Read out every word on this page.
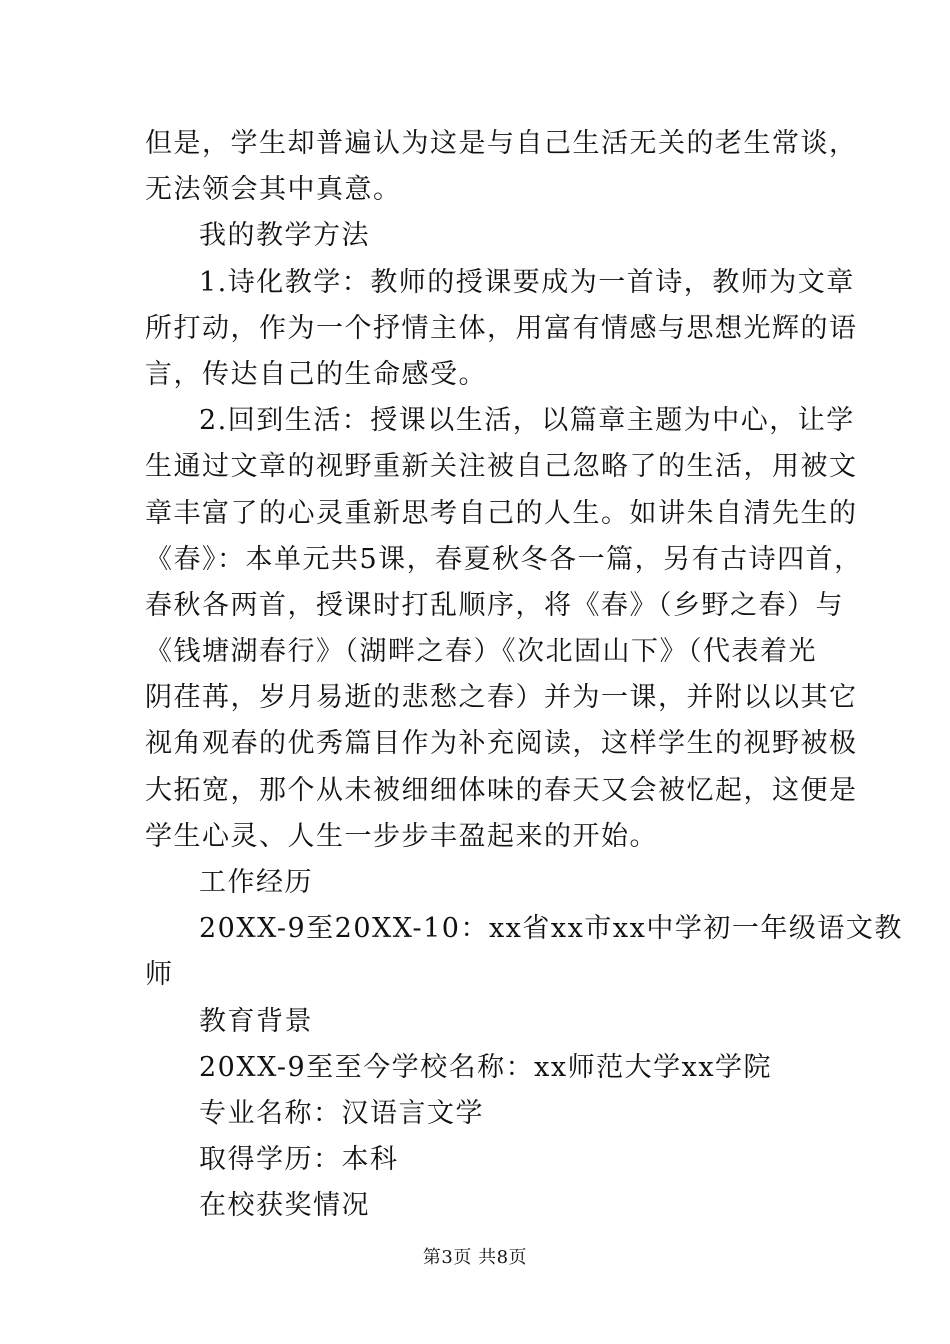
但是，学生却普遍认为这是与自己生活无关的老生常谈，
无法领会其中真意。
我的教学方法
1.诗化教学：教师的授课要成为一首诗，教师为文章
所打动，作为一个抒情主体，用富有情感与思想光辉的语
言，传达自己的生命感受。
2.回到生活：授课以生活，以篇章主题为中心，让学
生通过文章的视野重新关注被自己忽略了的生活，用被文
章丰富了的心灵重新思考自己的人生。如讲朱自清先生的
《春》：本单元共5课，春夏秋冬各一篇，另有古诗四首，
春秋各两首，授课时打乱顺序，将《春》（乡野之春）与
《钱塘湖春行》（湖畔之春）《次北固山下》（代表着光
阴荏苒，岁月易逝的悲愁之春）并为一课，并附以以其它
视角观春的优秀篇目作为补充阅读，这样学生的视野被极
大拓宽，那个从未被细细体味的春天又会被忆起，这便是
学生心灵、人生一步步丰盈起来的开始。
工作经历
20XX-9至20XX-10：xx省xx市xx中学初一年级语文教
师
教育背景
20XX-9至至今学校名称：xx师范大学xx学院
专业名称：汉语言文学
取得学历：本科
在校获奖情况
第3页 共8页
